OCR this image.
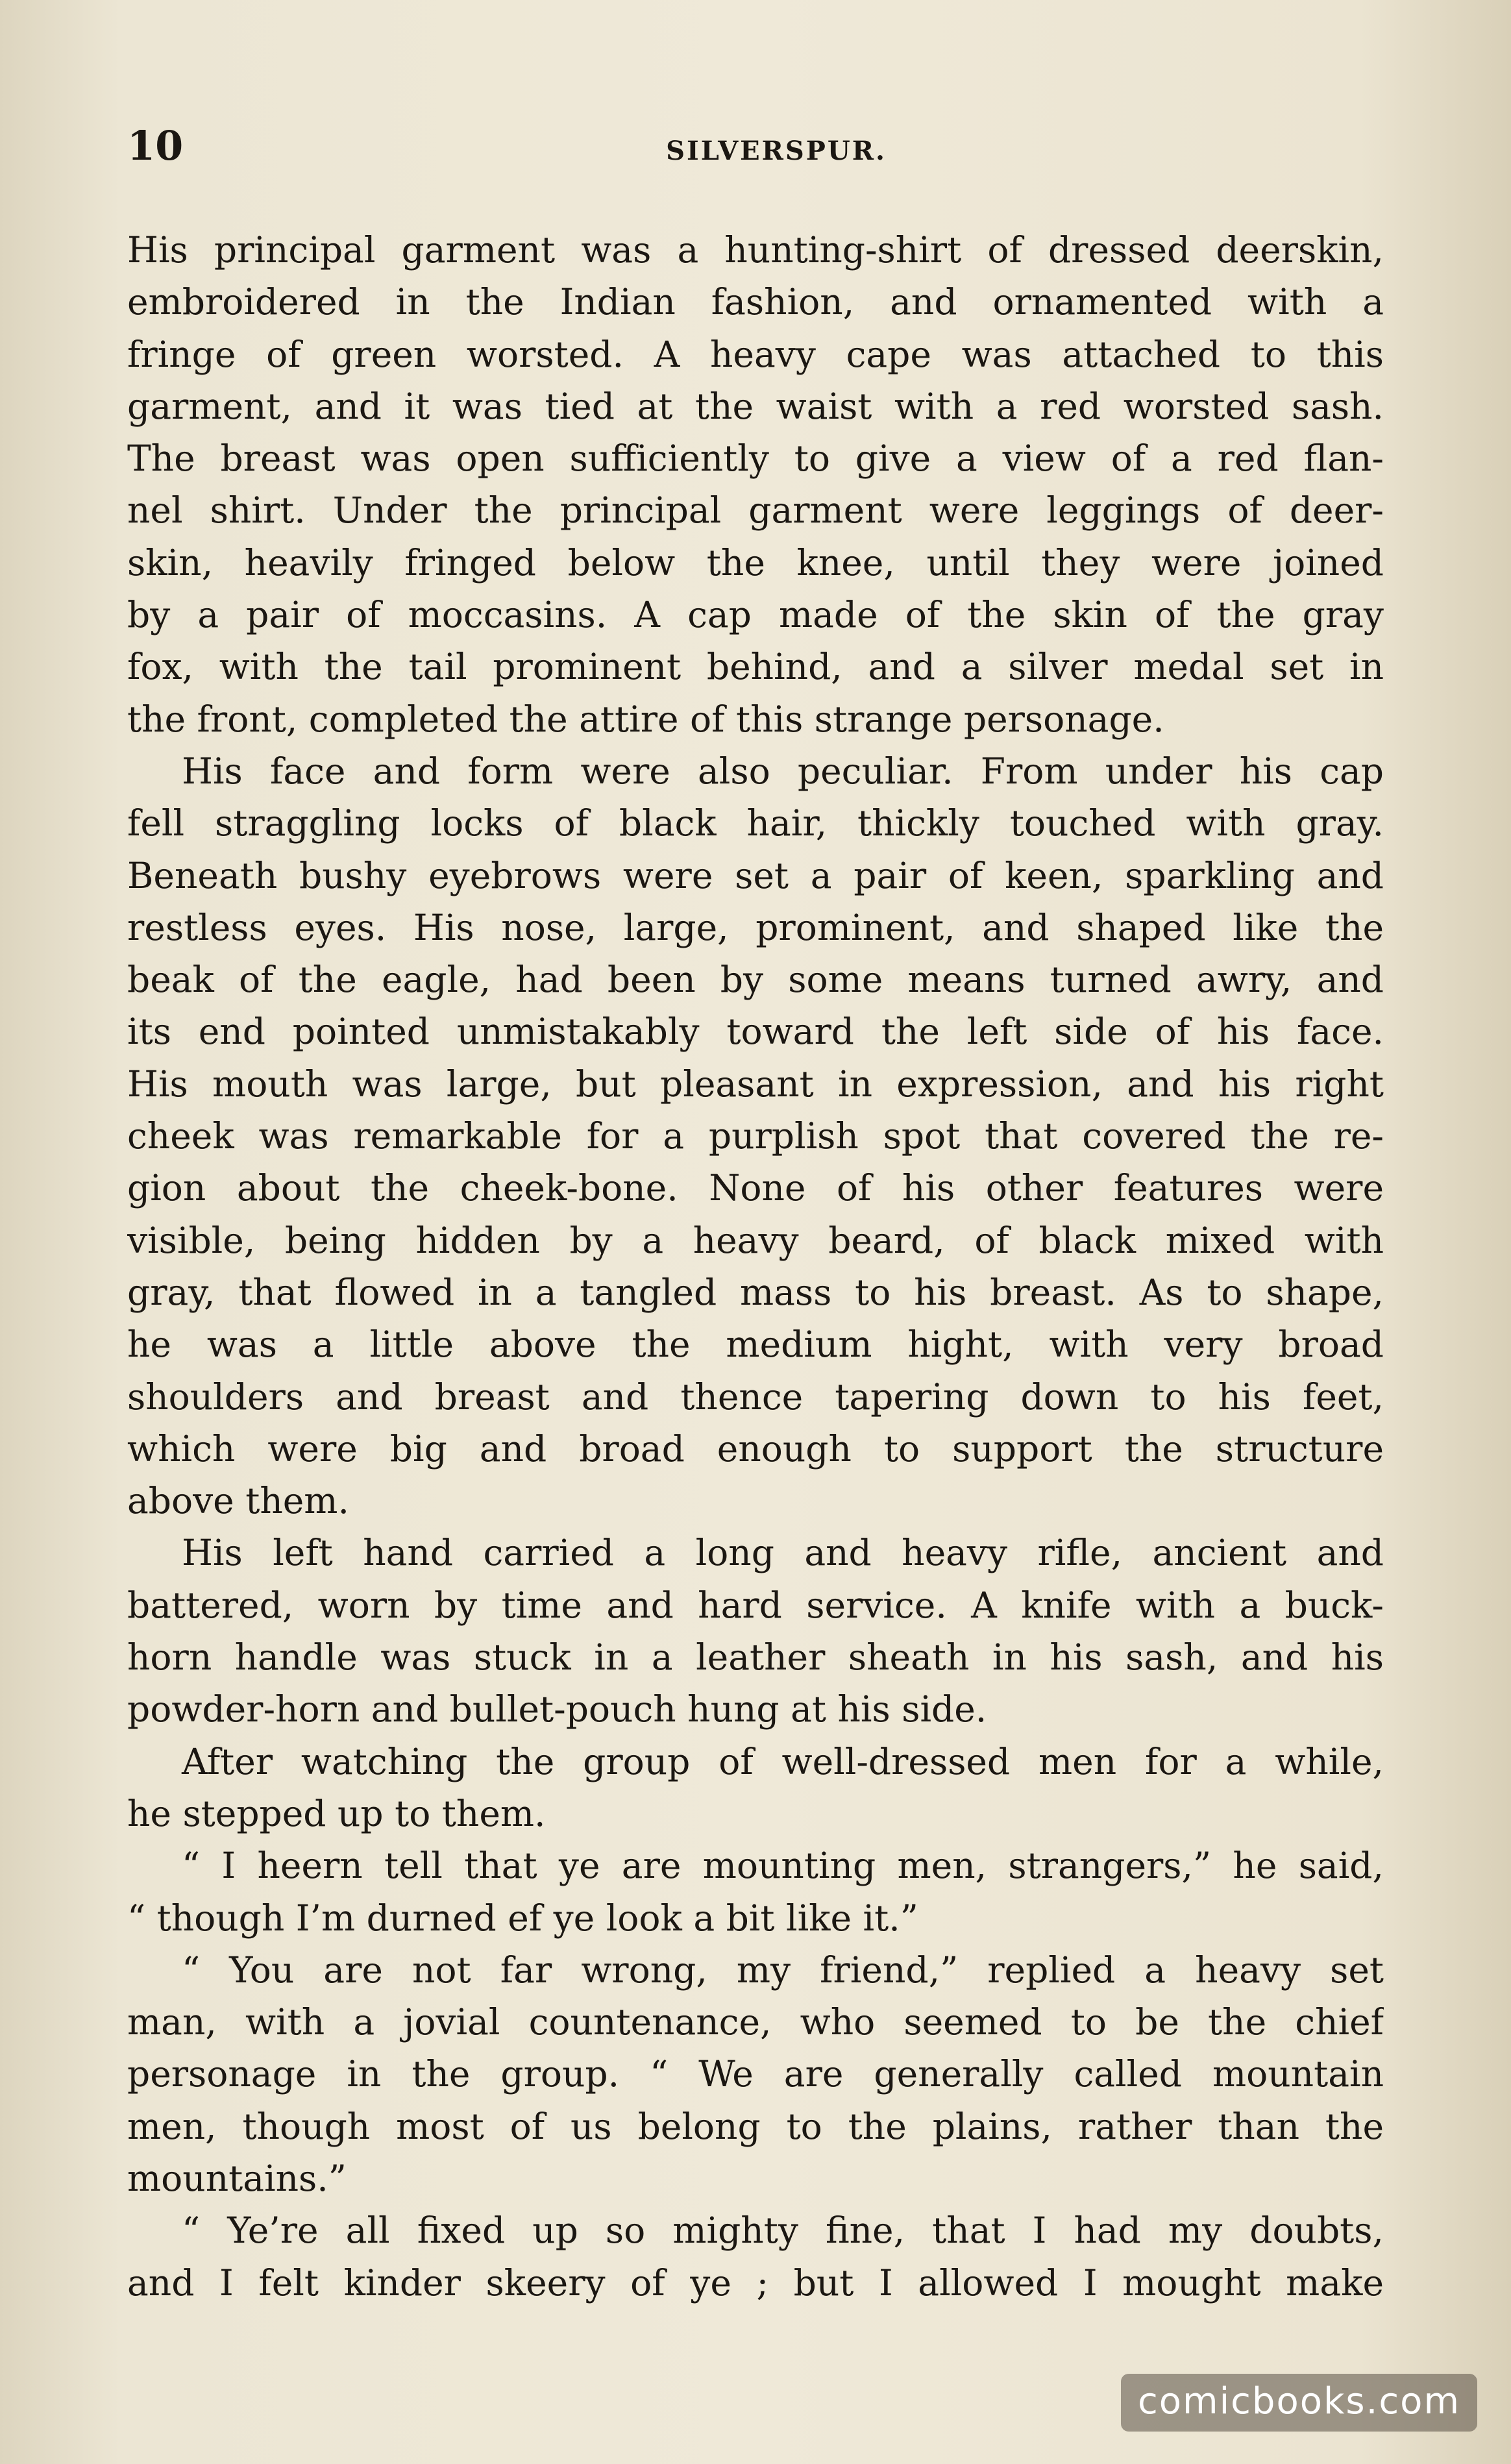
10	SILVERSPUR.
His principal garment was a hunting-shirt of dressed deerskin,
embroidered in the Indian fashion, and ornamented with a
fringe of green worsted. A heavy cape was attached to this
garment, and it was tied at the waist with a red worsted sash.
The breast was open sufficiently to give a view of a red flan-
nel shirt. Under the principal garment were leggings of deer-
skin, heavily fringed below the knee, until they were joined
by a pair of moccasins. A cap made of the skin of the gray
fox, with the tail prominent behind, and a silver medal set in
the front, completed the attire of this strange personage.
His face and form were also peculiar. From under his cap
fell straggling locks of black hair, thickly touched with gray.
Beneath bushy eyebrows were set a pair of keen, sparkling and
restless eyes. His nose, large, prominent, and shaped like the
beak of the eagle, had been by some means turned awry, and
its end pointed unmistakably toward the left side of his face.
His mouth was large, but pleasant in expression, and his right
cheek was remarkable for a purplish spot that covered the re-
gion about the cheek-bone. None of his other features were
visible, being hidden by a heavy beard, of black mixed with
gray, that flowed in a tangled mass to his breast. As to shape,
he was a little above the medium hight, with very broad
shoulders and breast and thence tapering down to his feet,
which were big and broad enough to support the structure
above them.
His left hand carried a long and heavy rifle, ancient and
battered, worn by time and hard service. A knife with a buck-
horn handle was stuck in a leather sheath in his sash, and his
powder-horn and bullet-pouch hung at his side.
After watching the group of well-dressed men for a while,
he stepped up to them.
“ I heern tell that ye are mounting men, strangers,” he said,
“ though I’m durned ef ye look a bit like it.”
“ You are not far wrong, my friend,” replied a heavy set
man, with a jovial countenance, who seemed to be the chief
personage in the group. “ We are generally called mountain
men, though most of us belong to the plains, rather than the
mountains.”
“ Ye’re all fixed up so mighty fine, that I had my doubts,
and I felt kinder skeery of ye ; but I allowed I mought make
comicbooks.com
